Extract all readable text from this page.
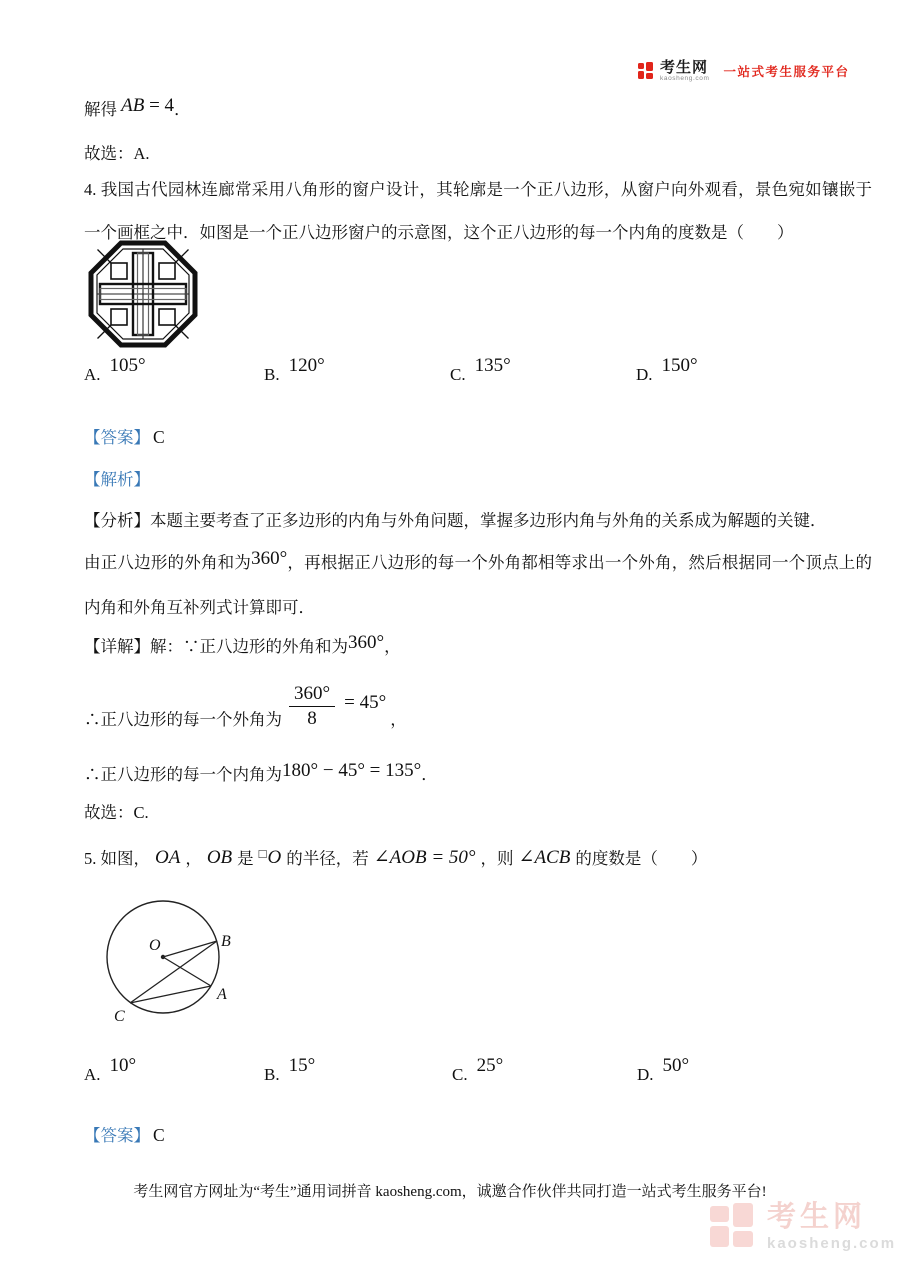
考生网
kaosheng.com 一站式考生服务平台
解得 AB = 4．
故选：A.
4. 我国古代园林连廊常采用八角形的窗户设计，其轮廓是一个正八边形，从窗户向外观看，景色宛如镶嵌于一个画框之中．如图是一个正八边形窗户的示意图，这个正八边形的每一个内角的度数是（　　）
A. 105°	B. 120°	C. 135°	D. 150°
【答案】 C
【解析】
【分析】本题主要考查了正多边形的内角与外角问题，掌握多边形内角与外角的关系成为解题的关键．
由正八边形的外角和为360°，再根据正八边形的每一个外角都相等求出一个外角，然后根据同一个顶点上的内角和外角互补列式计算即可．
【详解】解：∵正八边形的外角和为360°，
∴正八边形的每一个外角为 $\frac{360^\circ}{8} = 45^\circ$
，
∴正八边形的每一个内角为180° − 45° = 135°．
故选：C.
5. 如图， OA ， OB 是 □O 的半径，若 ∠AOB = 50° ，则 ∠ACB 的度数是（　　）
O	B
A
C
A. 10°	B. 15°	C. 25°	D. 50°
【答案】 C
考生网官方网址为“考生”通用词拼音 kaosheng.com，诚邀合作伙伴共同打造一站式考生服务平台!
考生网
kaosheng.com
